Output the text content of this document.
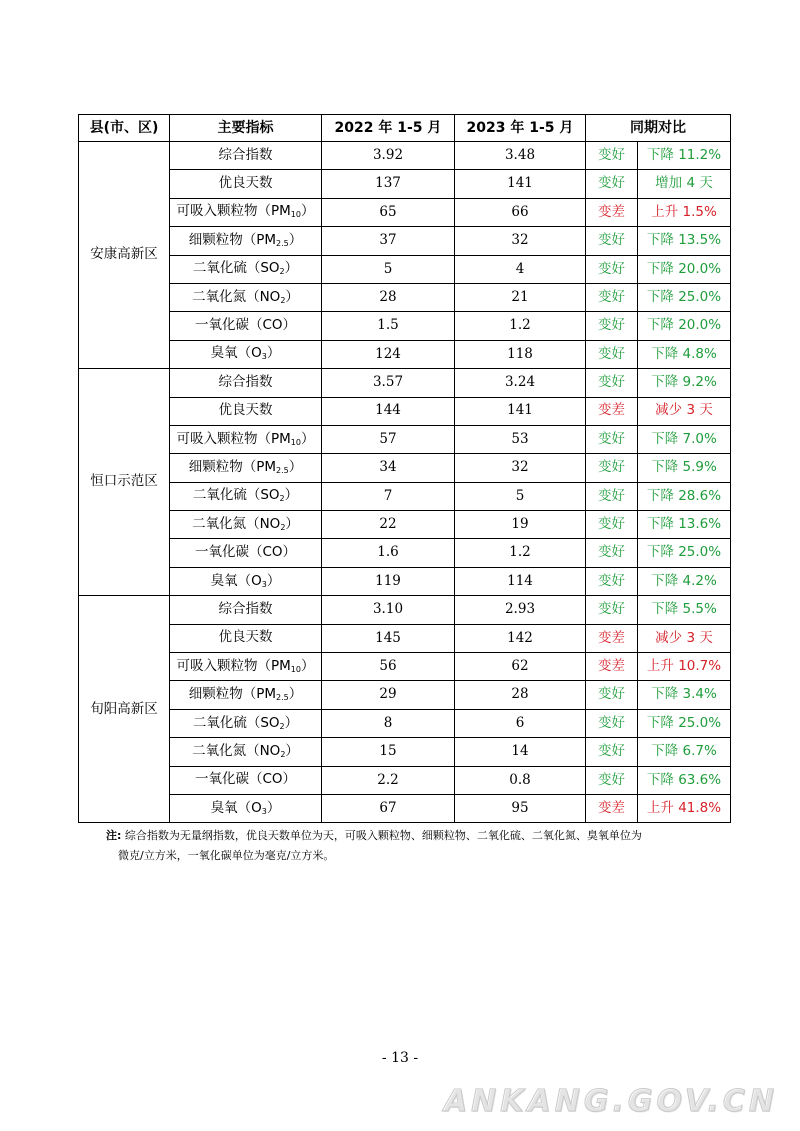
县(市、区)	主要指标	2022 年 1-5 月	2023 年 1-5 月	同期对比	
安康高新区	综合指数	3.92	3.48	变好	下降 11.2%
	优良天数	137	141	变好	增加 4 天
	可吸入颗粒物$(PM_{10})$	65	66	变差	上升 1.5%
	细颗粒物$(PM_{2.5})$	37	32	变好	下降 13.5%
	二氧化硫$(SO_2)$	5	4	变好	下降 20.0%
	二氧化氮$(NO_2)$	28	21	变好	下降 25.0%
	一氧化碳（CO）	1.5	1.2	变好	下降 20.0%
	臭氧$(O_3)$	124	118	变好	下降 4.8%
恒口示范区	综合指数	3.57	3.24	变好	下降 9.2%
	优良天数	144	141	变差	减少 3 天
	可吸入颗粒物$(PM_{10})$	57	53	变好	下降 7.0%
	细颗粒物$(PM_{2.5})$	34	32	变好	下降 5.9%
	二氧化硫$(SO_2)$	7	5	变好	下降 28.6%
	二氧化氮$(NO_2)$	22	19	变好	下降 13.6%
	一氧化碳（CO）	1.6	1.2	变好	下降 25.0%
	臭氧$(O_3)$	119	114	变好	下降 4.2%
旬阳高新区	综合指数	3.10	2.93	变好	下降 5.5%
	优良天数	145	142	变差	减少 3 天
	可吸入颗粒物$(PM_{10})$	56	62	变差	上升 10.7%
	细颗粒物$(PM_{2.5})$	29	28	变好	下降 3.4%
	二氧化硫$(SO_2)$	8	6	变好	下降 25.0%
	二氧化氮$(NO_2)$	15	14	变好	下降 6.7%
	一氧化碳（CO）	2.2	0.8	变好	下降 63.6%
	臭氧$(O_3)$	67	95	变差	上升 41.8%
注: 综合指数为无量纲指数，优良天数单位为天，可吸入颗粒物、细颗粒物、二氧化硫、二氧化氮、臭氧单位为
微克/立方米，一氧化碳单位为毫克/立方米。
- 13 -
ANKANG.GOV.CN
